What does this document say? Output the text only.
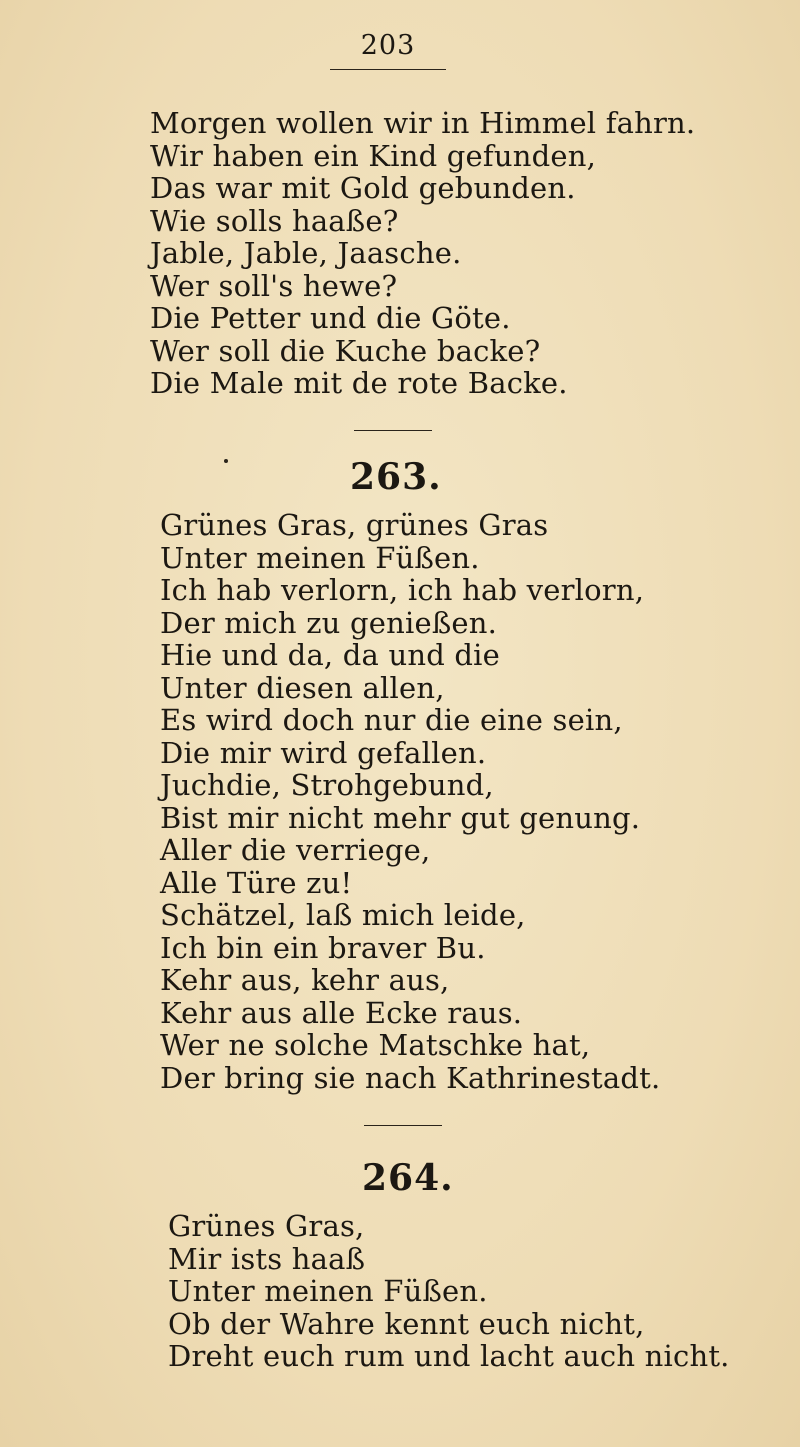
203
Morgen wollen wir in Himmel fahrn.
Wir haben ein Kind gefunden,
Das war mit Gold gebunden.
Wie solls haaße?
Jable, Jable, Jaasche.
Wer soll's hewe?
Die Petter und die Göte.
Wer soll die Kuche backe?
Die Male mit de rote Backe.
263.
Grünes Gras, grünes Gras
Unter meinen Füßen.
Ich hab verlorn, ich hab verlorn,
Der mich zu genießen.
Hie und da, da und die
Unter diesen allen,
Es wird doch nur die eine sein,
Die mir wird gefallen.
Juchdie, Strohgebund,
Bist mir nicht mehr gut genung.
Aller die verriege,
Alle Türe zu!
Schätzel, laß mich leide,
Ich bin ein braver Bu.
Kehr aus, kehr aus,
Kehr aus alle Ecke raus.
Wer ne solche Matschke hat,
Der bring sie nach Kathrinestadt.
264.
Grünes Gras,
Mir ists haaß
Unter meinen Füßen.
Ob der Wahre kennt euch nicht,
Dreht euch rum und lacht auch nicht.
